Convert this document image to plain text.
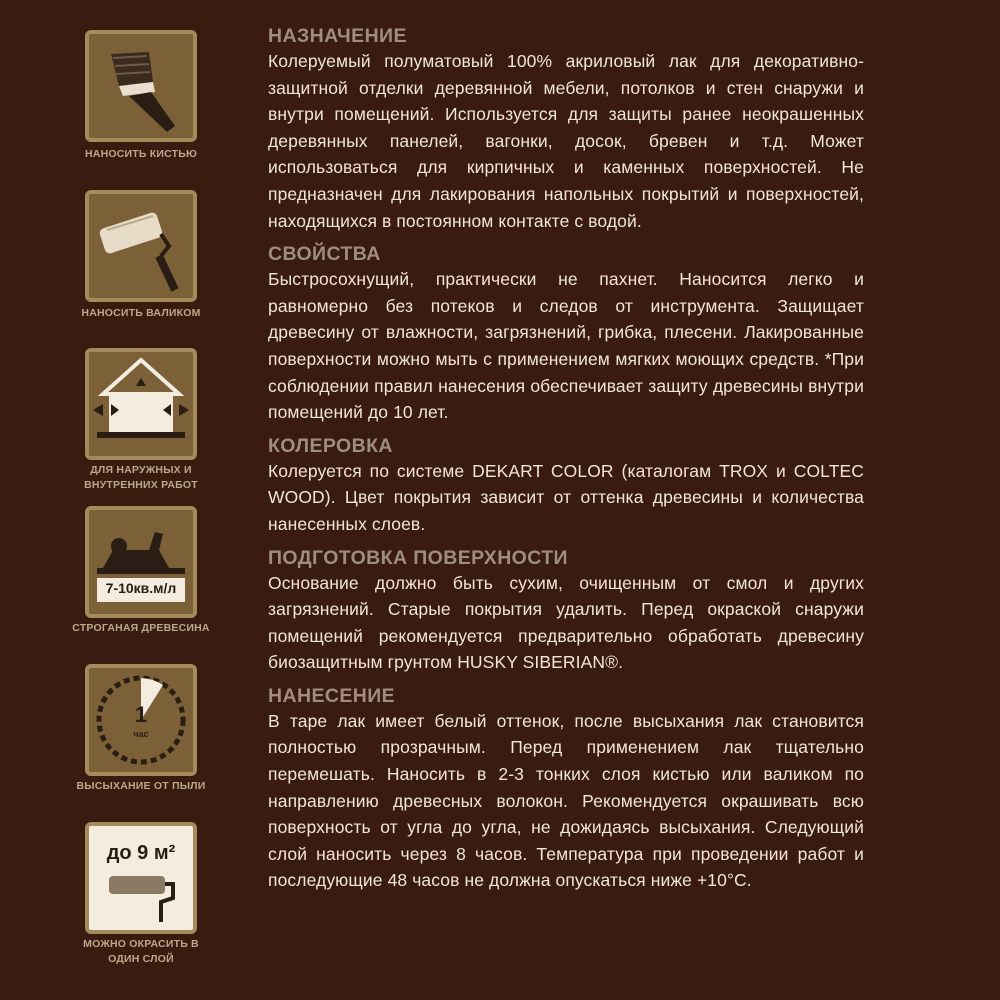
НАНОСИТЬ КИСТЬЮ
НАНОСИТЬ ВАЛИКОМ
ДЛЯ НАРУЖНЫХ И ВНУТРЕННИХ РАБОТ
7-10кв.м/л
СТРОГАНАЯ ДРЕВЕСИНА
1
час
ВЫСЫХАНИЕ ОТ ПЫЛИ
до 9 м²
МОЖНО ОКРАСИТЬ В ОДИН СЛОЙ
НАЗНАЧЕНИЕ

Колеруемый полуматовый 100% акриловый лак для декоративно-защитной отделки деревянной мебели, потолков и стен снаружи и внутри помещений. Используется для защиты ранее неокрашенных деревянных панелей, вагонки, досок, бревен и т.д. Может использоваться для кирпичных и каменных поверхностей. Не предназначен для лакирования напольных покрытий и поверхностей, находящихся в постоянном контакте с водой.

СВОЙСТВА

Быстросохнущий, практически не пахнет. Наносится легко и равномерно без потеков и следов от инструмента. Защищает древесину от влажности, загрязнений, грибка, плесени. Лакированные поверхности можно мыть с применением мягких моющих средств. *При соблюдении правил нанесения обеспечивает защиту древесины внутри помещений до 10 лет.

КОЛЕРОВКА

Колеруется по системе DEKART COLOR (каталогам TROX и COLTEC WOOD). Цвет покрытия зависит от оттенка древесины и количества нанесенных слоев.

ПОДГОТОВКА ПОВЕРХНОСТИ

Основание должно быть сухим, очищенным от смол и других загрязнений. Старые покрытия удалить. Перед окраской снаружи помещений рекомендуется предварительно обработать древесину биозащитным грунтом HUSKY SIBERIAN®.

НАНЕСЕНИЕ

В таре лак имеет белый оттенок, после высыхания лак становится полностью прозрачным. Перед применением лак тщательно перемешать. Наносить в 2-3 тонких слоя кистью или валиком по направлению древесных волокон. Рекомендуется окрашивать всю поверхность от угла до угла, не дожидаясь высыхания. Следующий слой наносить через 8 часов. Температура при проведении работ и последующие 48 часов не должна опускаться ниже +10°C.
